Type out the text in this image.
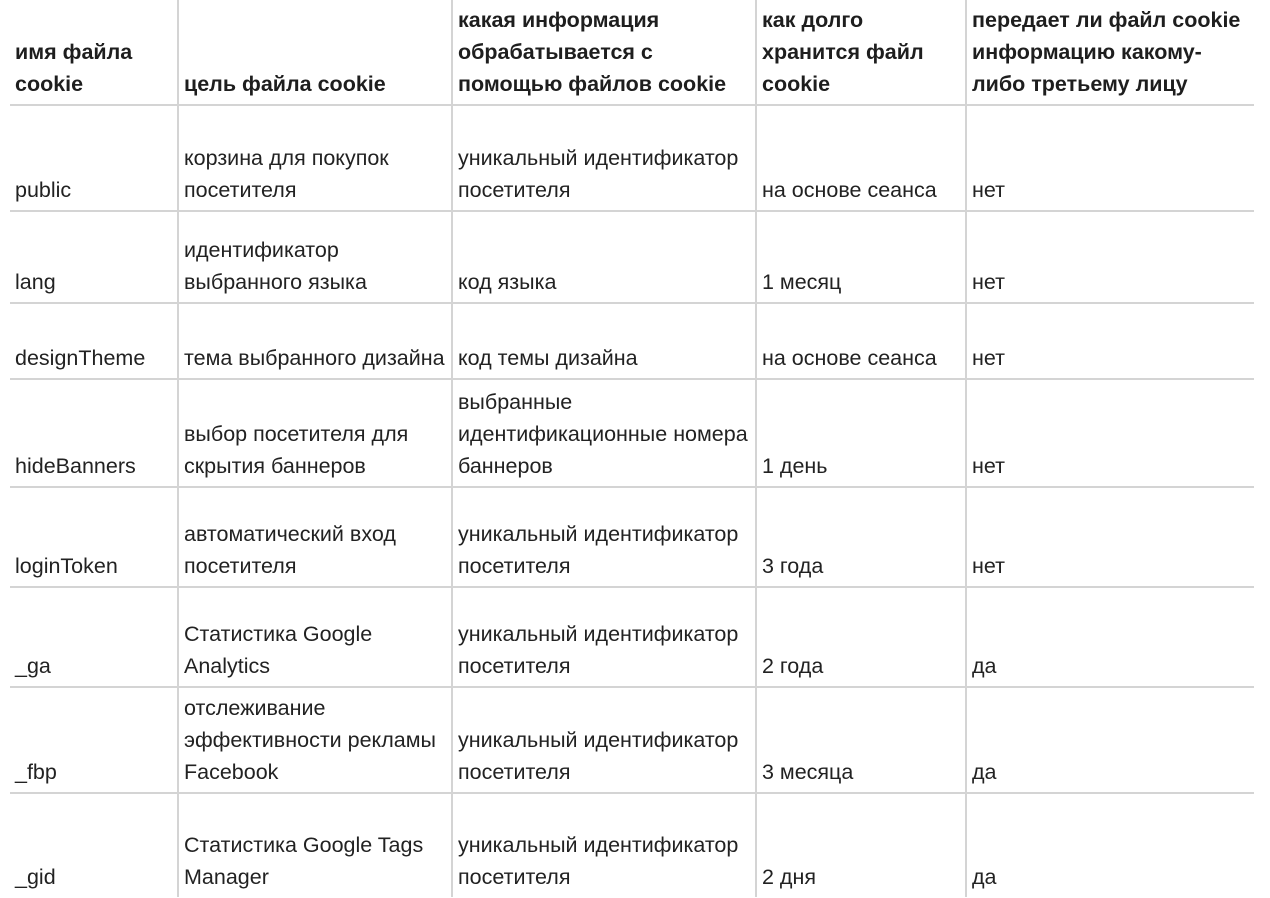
имя файла cookie	цель файла cookie	какая информация обрабатывается с помощью файлов cookie	как долго хранится файл cookie	передает ли файл cookie информацию какому-либо третьему лицу
public	корзина для покупок посетителя	уникальный идентификатор посетителя	на основе сеанса	нет
lang	идентификатор выбранного языка	код языка	1 месяц	нет
designTheme	тема выбранного дизайна	код темы дизайна	на основе сеанса	нет
hideBanners	выбор посетителя для скрытия баннеров	выбранные идентификационные номера баннеров	1 день	нет
loginToken	автоматический вход посетителя	уникальный идентификатор посетителя	3 года	нет
_ga	Статистика Google Analytics	уникальный идентификатор посетителя	2 года	да
_fbp	отслеживание эффективности рекламы Facebook	уникальный идентификатор посетителя	3 месяца	да
_gid	Статистика Google Tags Manager	уникальный идентификатор посетителя	2 дня	да
